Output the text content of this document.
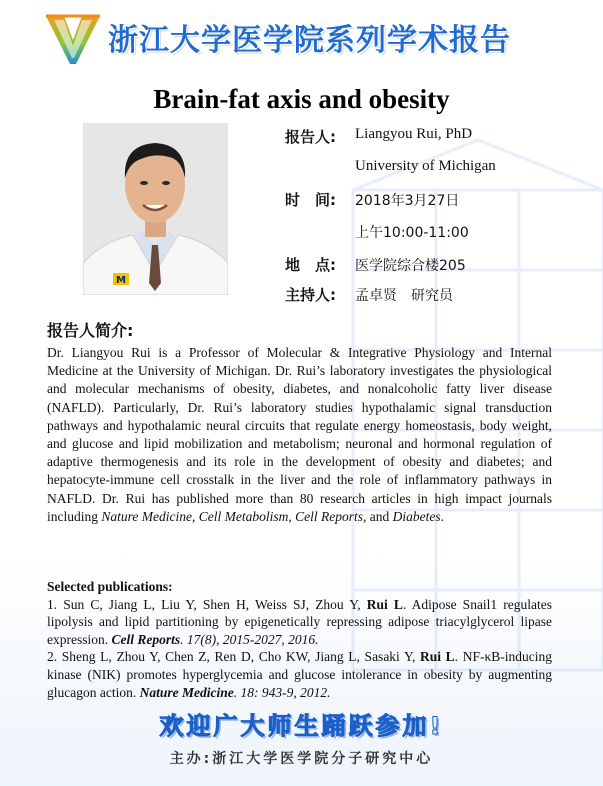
浙江大学医学院系列学术报告
Brain-fat axis and obesity
M
报告人: Liangyou Rui, PhD
University of Michigan
时　间: 2018年3月27日
上午10:00-11:00
地　点: 医学院综合楼205
主持人: 孟卓贤　研究员
报告人简介:
Dr. Liangyou Rui is a Professor of Molecular & Integrative Physiology and Internal Medicine at the University of Michigan. Dr. Rui’s laboratory investigates the physiological and molecular mechanisms of obesity, diabetes, and nonalcoholic fatty liver disease (NAFLD). Particularly, Dr. Rui’s laboratory studies hypothalamic signal transduction pathways and hypothalamic neural circuits that regulate energy homeostasis, body weight, and glucose and lipid mobilization and metabolism; neuronal and hormonal regulation of adaptive thermogenesis and its role in the development of obesity and diabetes; and hepatocyte-immune cell crosstalk in the liver and the role of inflammatory pathways in NAFLD. Dr. Rui has published more than 80 research articles in high impact journals including Nature Medicine, Cell Metabolism, Cell Reports, and Diabetes.
Selected publications:

1. Sun C, Jiang L, Liu Y, Shen H, Weiss SJ, Zhou Y, Rui L. Adipose Snail1 regulates lipolysis and lipid partitioning by epigenetically repressing adipose triacylglycerol lipase expression. Cell Reports. 17(8), 2015-2027, 2016.

2. Sheng L, Zhou Y, Chen Z, Ren D, Cho KW, Jiang L, Sasaki Y, Rui L. NF-κB-inducing kinase (NIK) promotes hyperglycemia and glucose intolerance in obesity by augmenting glucagon action. Nature Medicine. 18: 943-9, 2012.

欢迎广大师生踊跃参加!
主办:浙江大学医学院分子研究中心
